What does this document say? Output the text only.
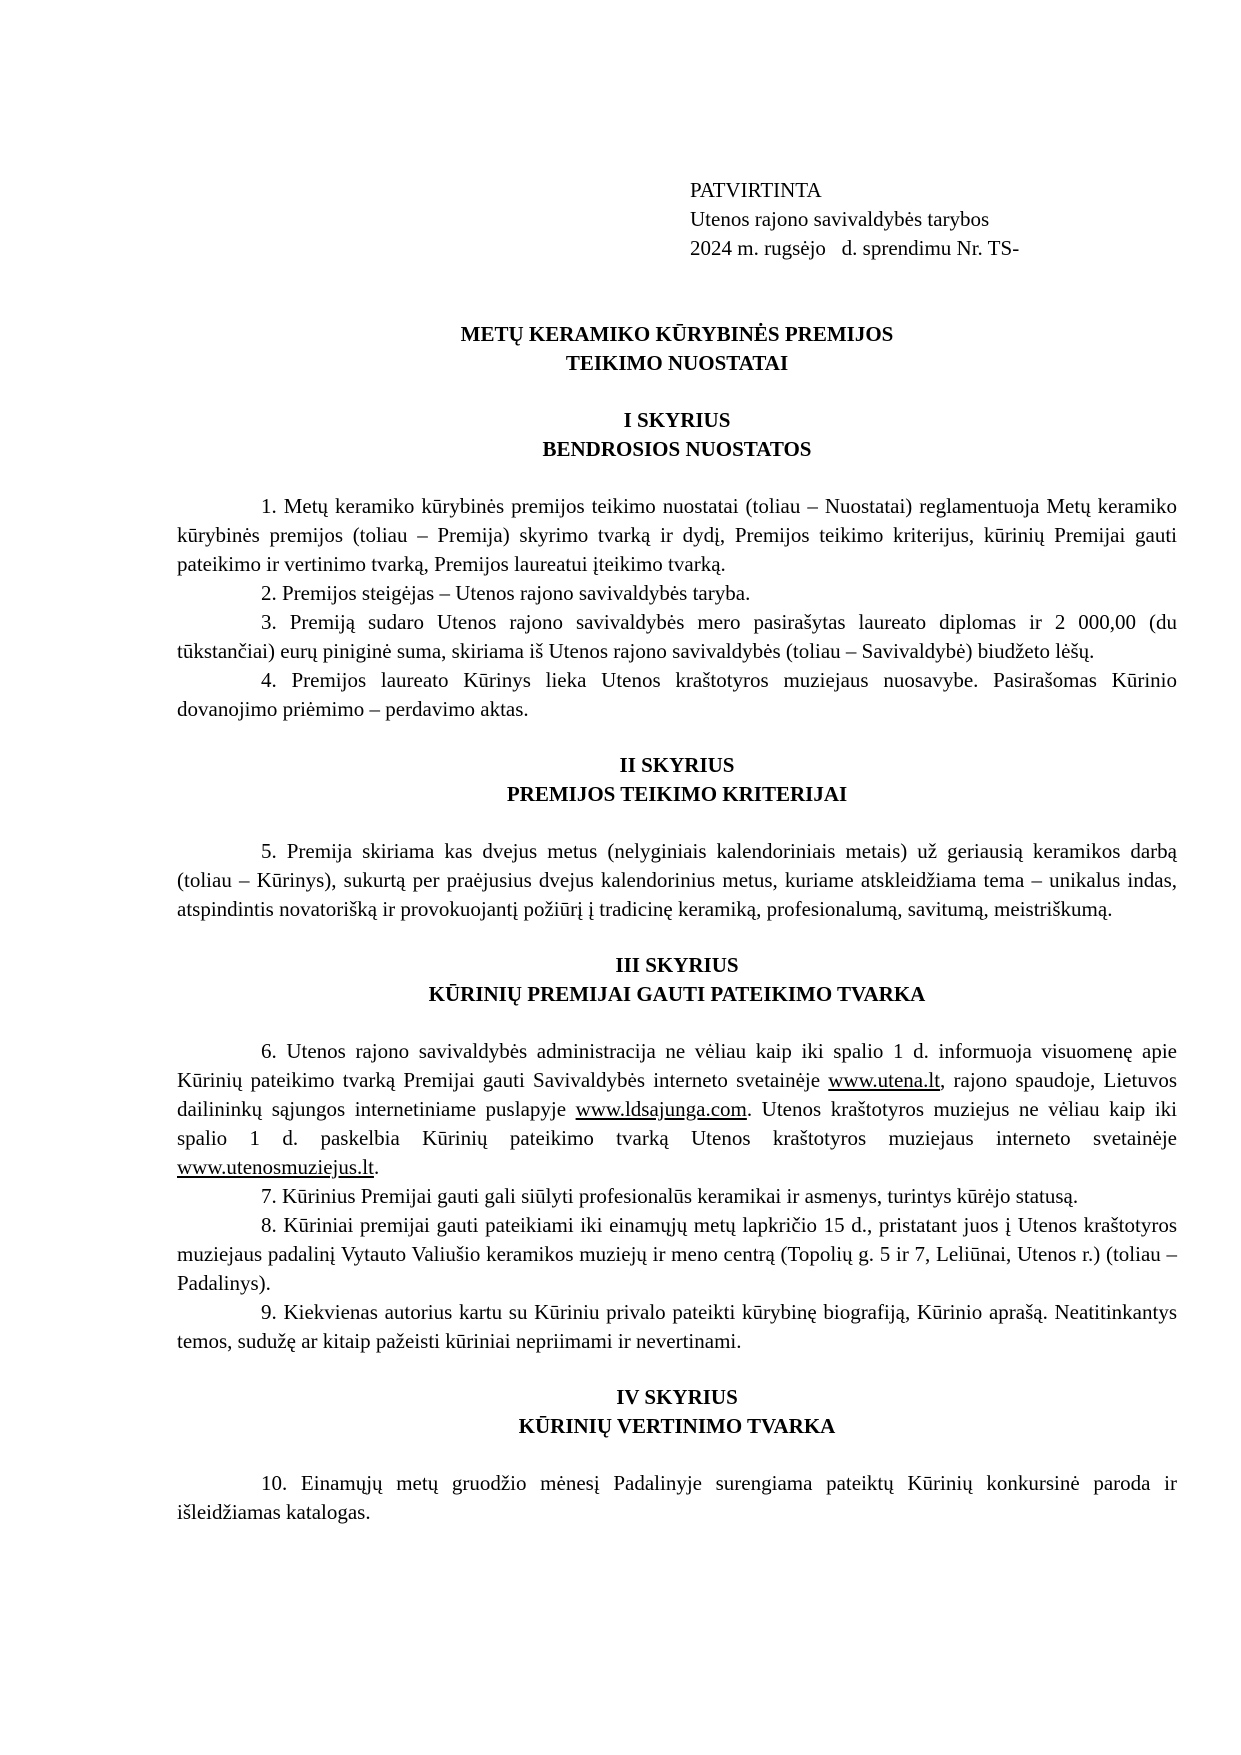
PATVIRTINTA
Utenos rajono savivaldybės tarybos
2024 m. rugsėjo   d. sprendimu Nr. TS-
METŲ KERAMIKO KŪRYBINĖS PREMIJOS
TEIKIMO NUOSTATAI
I SKYRIUS
BENDROSIOS NUOSTATOS

1. Metų keramiko kūrybinės premijos teikimo nuostatai (toliau – Nuostatai) reglamentuoja Metų keramiko kūrybinės premijos (toliau – Premija) skyrimo tvarką ir dydį, Premijos teikimo kriterijus, kūrinių Premijai gauti pateikimo ir vertinimo tvarką, Premijos laureatui įteikimo tvarką.

2. Premijos steigėjas – Utenos rajono savivaldybės taryba.

3. Premiją sudaro Utenos rajono savivaldybės mero pasirašytas laureato diplomas ir 2 000,00 (du tūkstančiai) eurų piniginė suma, skiriama iš Utenos rajono savivaldybės (toliau – Savivaldybė) biudžeto lėšų.

4. Premijos laureato Kūrinys lieka Utenos kraštotyros muziejaus nuosavybe. Pasirašomas Kūrinio dovanojimo priėmimo – perdavimo aktas.

II SKYRIUS
PREMIJOS TEIKIMO KRITERIJAI

5. Premija skiriama kas dvejus metus (nelyginiais kalendoriniais metais) už geriausią keramikos darbą (toliau – Kūrinys), sukurtą per praėjusius dvejus kalendorinius metus, kuriame atskleidžiama tema – unikalus indas, atspindintis novatorišką ir provokuojantį požiūrį į tradicinę keramiką, profesionalumą, savitumą, meistriškumą.

III SKYRIUS
KŪRINIŲ PREMIJAI GAUTI PATEIKIMO TVARKA

6. Utenos rajono savivaldybės administracija ne vėliau kaip iki spalio 1 d. informuoja visuomenę apie Kūrinių pateikimo tvarką Premijai gauti Savivaldybės interneto svetainėje www.utena.lt, rajono spaudoje, Lietuvos dailininkų sąjungos internetiniame puslapyje www.ldsajunga.com. Utenos kraštotyros muziejus ne vėliau kaip iki spalio 1 d. paskelbia Kūrinių pateikimo tvarką Utenos kraštotyros muziejaus interneto svetainėje www.utenosmuziejus.lt.

7. Kūrinius Premijai gauti gali siūlyti profesionalūs keramikai ir asmenys, turintys kūrėjo statusą.

8. Kūriniai premijai gauti pateikiami iki einamųjų metų lapkričio 15 d., pristatant juos į Utenos kraštotyros muziejaus padalinį Vytauto Valiušio keramikos muziejų ir meno centrą (Topolių g. 5 ir 7, Leliūnai, Utenos r.) (toliau – Padalinys).

9. Kiekvienas autorius kartu su Kūriniu privalo pateikti kūrybinę biografiją, Kūrinio aprašą. Neatitinkantys temos, sudužę ar kitaip pažeisti kūriniai nepriimami ir nevertinami.

IV SKYRIUS
KŪRINIŲ VERTINIMO TVARKA

10. Einamųjų metų gruodžio mėnesį Padalinyje surengiama pateiktų Kūrinių konkursinė paroda ir išleidžiamas katalogas.
